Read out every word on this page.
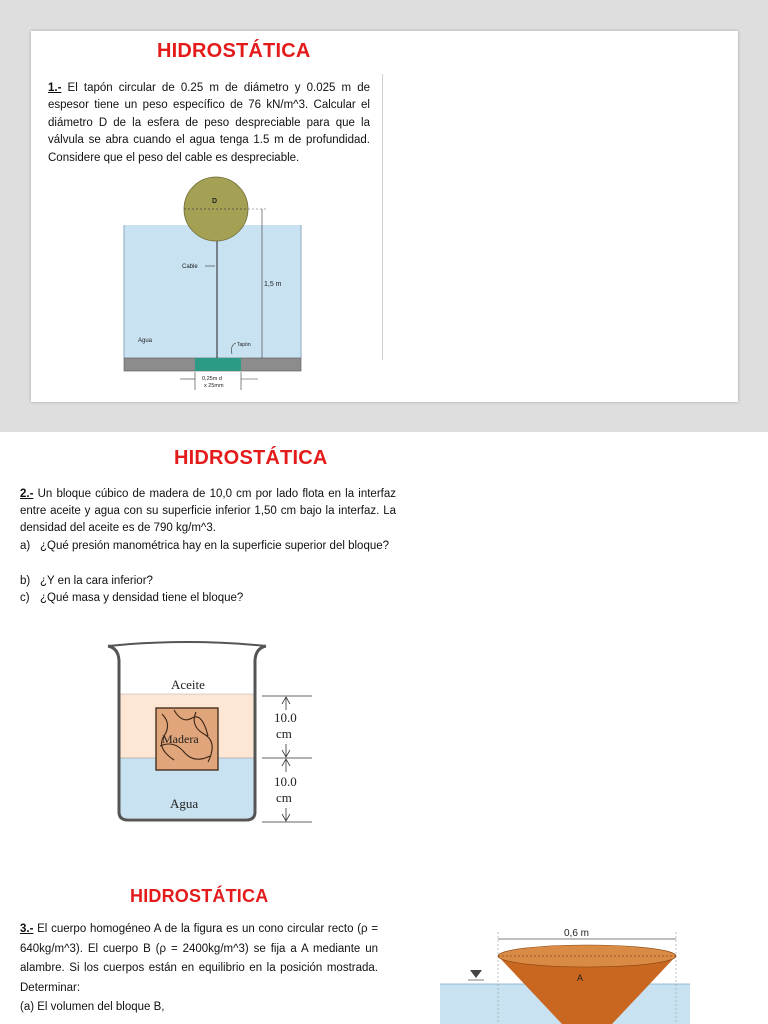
HIDROSTÁTICA
1.- El tapón circular de 0.25 m de diámetro y 0.025 m de espesor tiene un peso específico de 76 kN/m^3. Calcular el diámetro D de la esfera de peso despreciable para que la válvula se abra cuando el agua tenga 1.5 m de profundidad. Considere que el peso del cable es despreciable.
D
1,5 m
Cable
Agua
Tapón
0,25m d
x 25mm
HIDROSTÁTICA
2.- Un bloque cúbico de madera de 10,0 cm por lado flota en la interfaz entre aceite y agua con su superficie inferior 1,50 cm bajo la interfaz. La densidad del aceite es de 790 kg/m^3.
a) ¿Qué presión manométrica hay en la superficie superior del bloque?
b) ¿Y en la cara inferior?
c) ¿Qué masa y densidad tiene el bloque?
Aceite
Madera
Agua
10.0
cm
10.0
cm
HIDROSTÁTICA
3.- El cuerpo homogéneo A de la figura es un cono circular recto (ρ = 640kg/m^3). El cuerpo B (ρ = 2400kg/m^3) se fija a A mediante un alambre. Si los cuerpos están en equilibrio en la posición mostrada. Determinar:
(a) El volumen del bloque B,
0,6 m
A
